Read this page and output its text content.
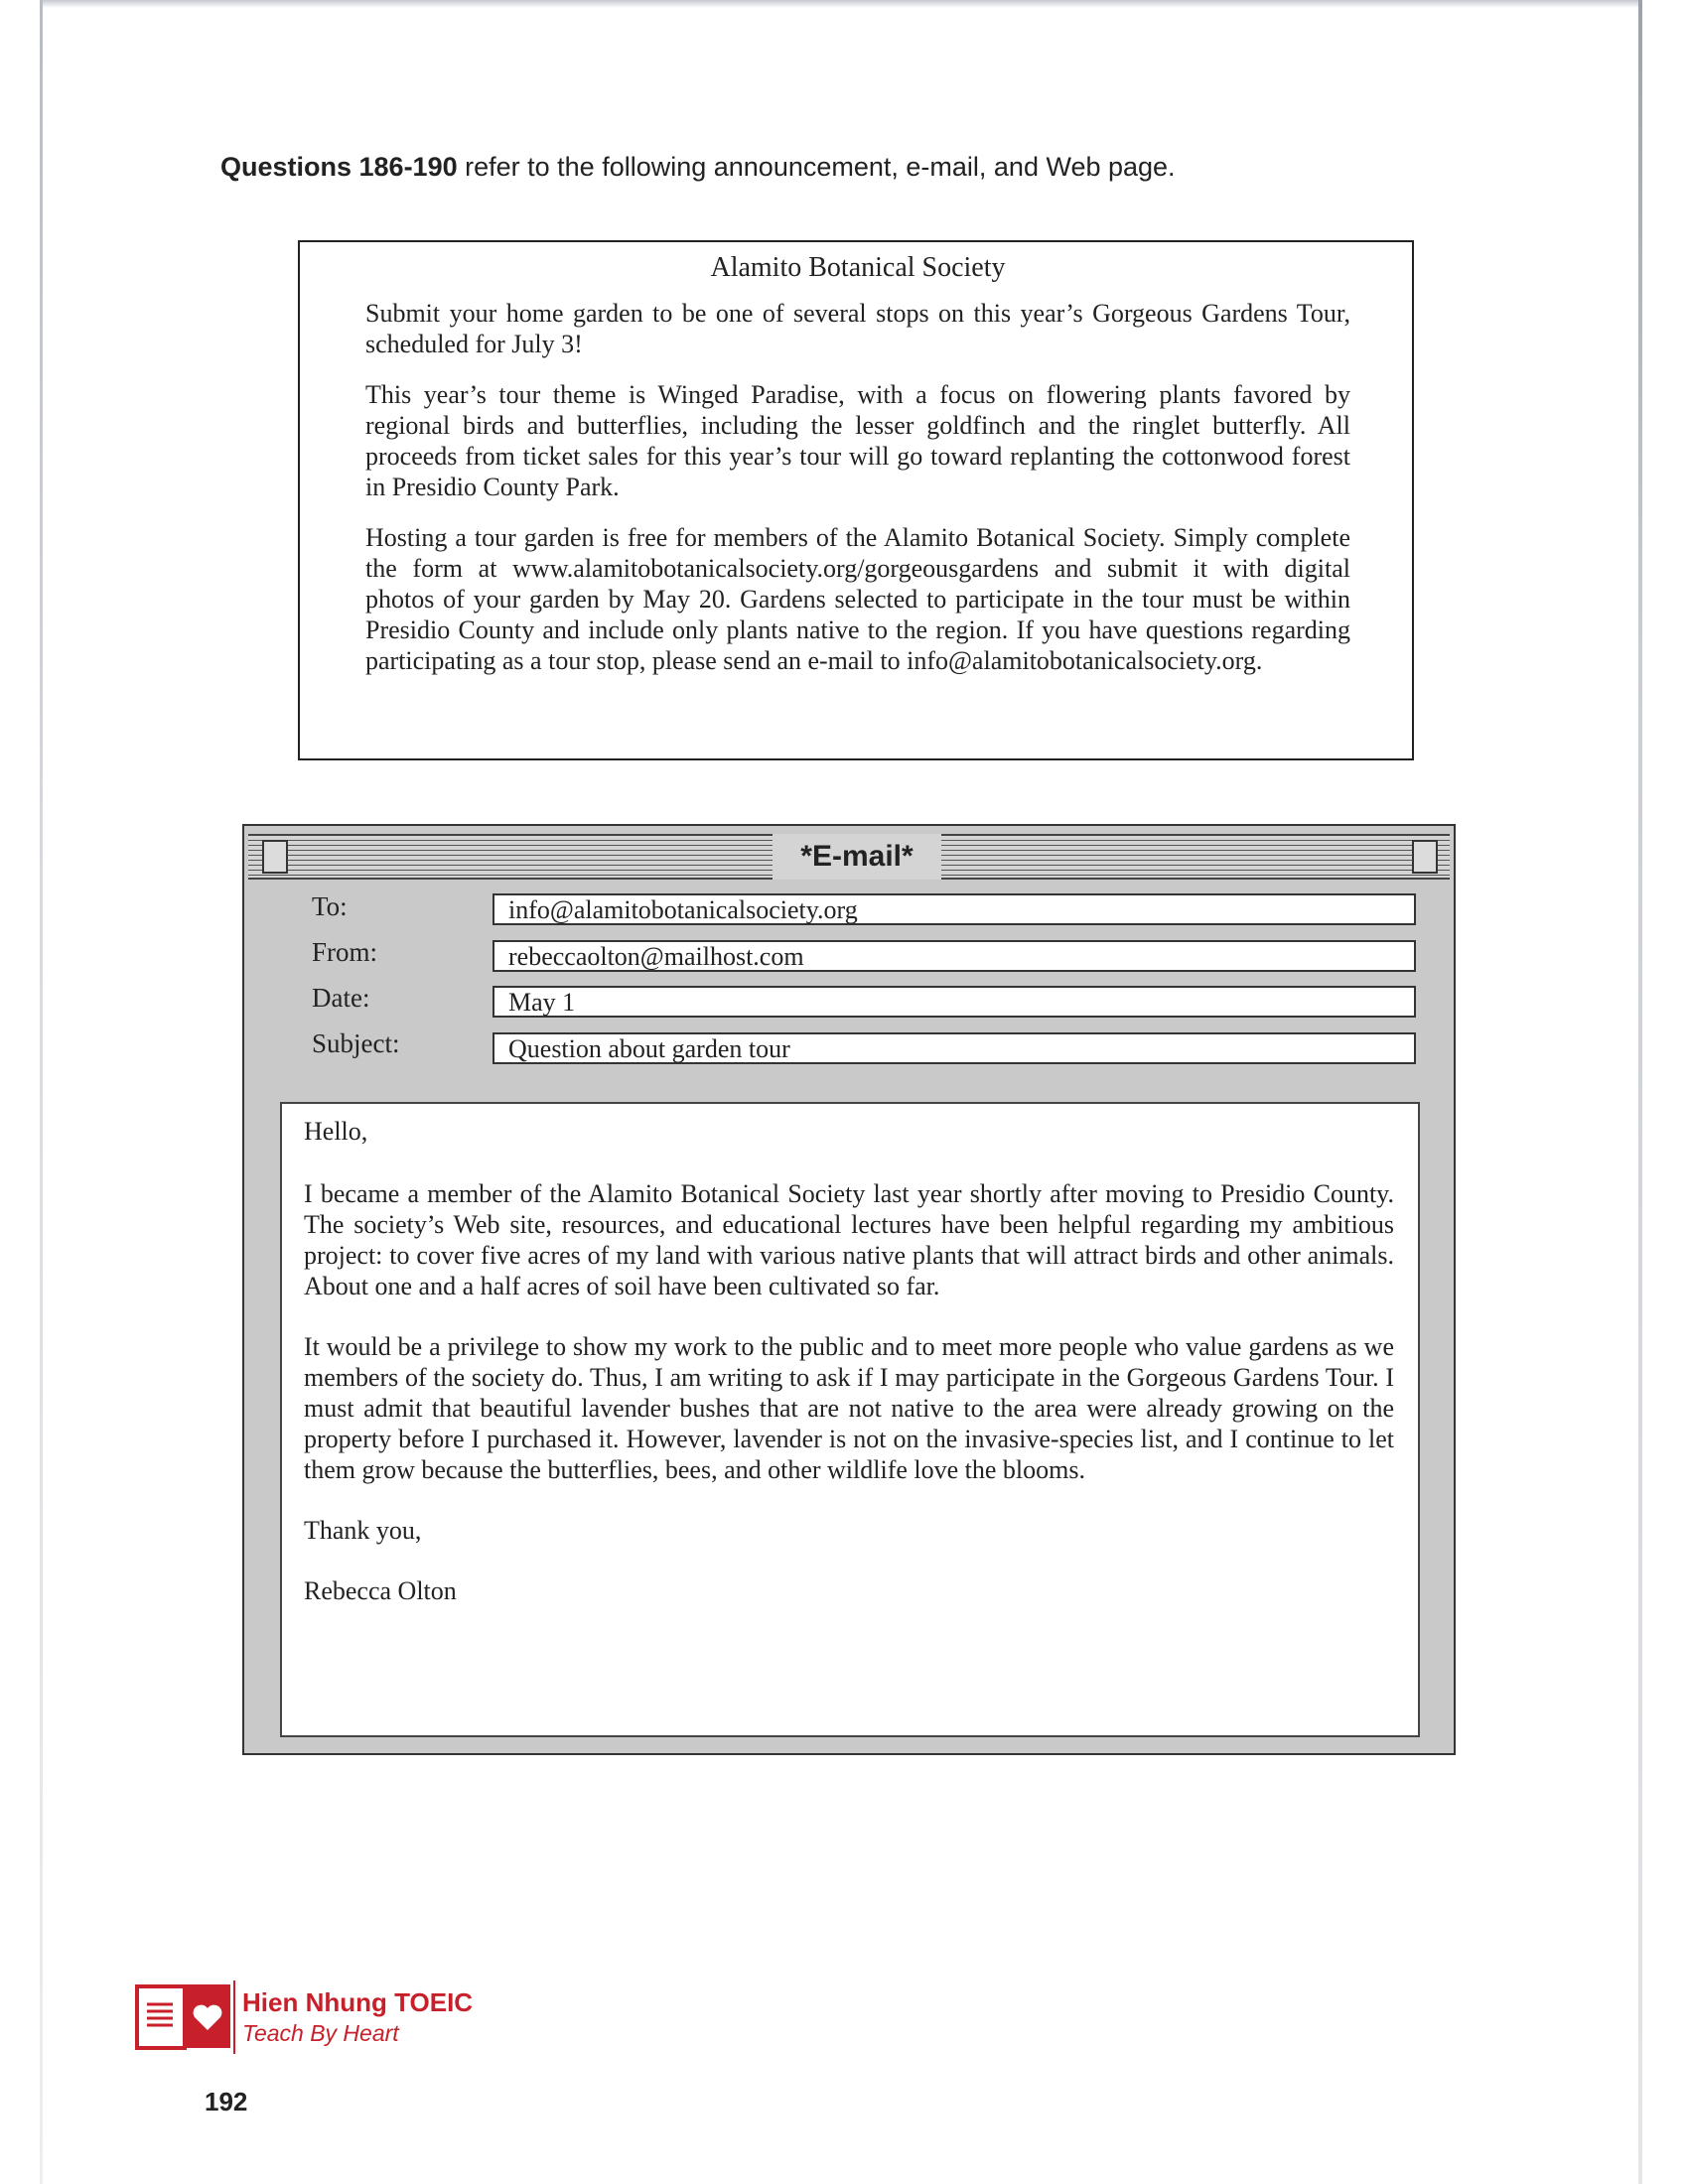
Questions 186-190 refer to the following announcement, e-mail, and Web page.
Alamito Botanical Society

Submit your home garden to be one of several stops on this year’s Gorgeous Gardens Tour, scheduled for July 3!

This year’s tour theme is Winged Paradise, with a focus on flowering plants favored by regional birds and butterflies, including the lesser goldfinch and the ringlet butterfly. All proceeds from ticket sales for this year’s tour will go toward replanting the cottonwood forest in Presidio County Park.

Hosting a tour garden is free for members of the Alamito Botanical Society. Simply complete the form at www.alamitobotanicalsociety.org/gorgeousgardens and submit it with digital photos of your garden by May 20. Gardens selected to participate in the tour must be within Presidio County and include only plants native to the region. If you have questions regarding participating as a tour stop, please send an e-mail to info@alamitobotanicalsociety.org.

*E-mail*
To:	info@alamitobotanicalsociety.org
From:	rebeccaolton@mailhost.com
Date:	May 1
Subject:	Question about garden tour

Hello,

I became a member of the Alamito Botanical Society last year shortly after moving to Presidio County. The society’s Web site, resources, and educational lectures have been helpful regarding my ambitious project: to cover five acres of my land with various native plants that will attract birds and other animals. About one and a half acres of soil have been cultivated so far.

It would be a privilege to show my work to the public and to meet more people who value gardens as we members of the society do. Thus, I am writing to ask if I may participate in the Gorgeous Gardens Tour. I must admit that beautiful lavender bushes that are not native to the area were already growing on the property before I purchased it. However, lavender is not on the invasive-species list, and I continue to let them grow because the butterflies, bees, and other wildlife love the blooms.

Thank you,

Rebecca Olton

Hien Nhung TOEIC
Teach By Heart
192
